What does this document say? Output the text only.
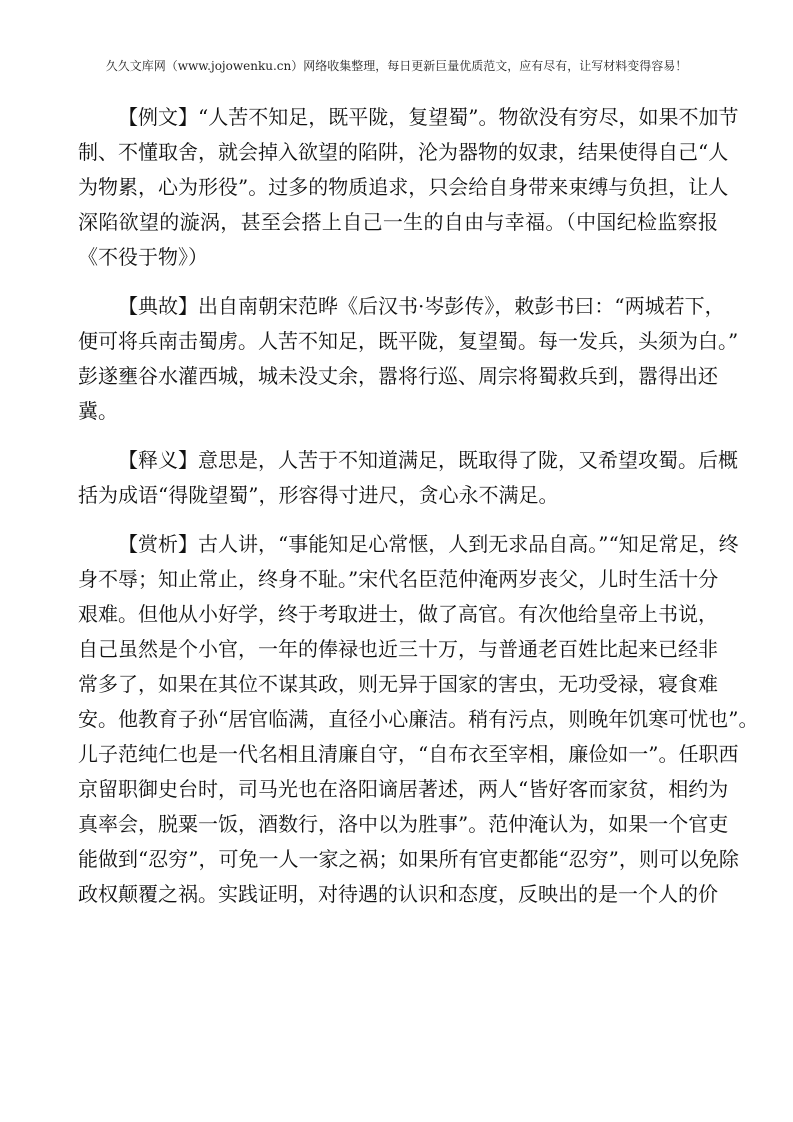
久久文库网（www.jojowenku.cn）网络收集整理，每日更新巨量优质范文，应有尽有，让写材料变得容易！

【例文】“人苦不知足，既平陇，复望蜀”。物欲没有穷尽，如果不加节
制、不懂取舍，就会掉入欲望的陷阱，沦为器物的奴隶，结果使得自己“人
为物累，心为形役”。过多的物质追求，只会给自身带来束缚与负担，让人
深陷欲望的漩涡，甚至会搭上自己一生的自由与幸福。（中国纪检监察报
《不役于物》）

【典故】出自南朝宋范晔《后汉书·岑彭传》，敕彭书曰：“两城若下，
便可将兵南击蜀虏。人苦不知足，既平陇，复望蜀。每一发兵，头须为白。”
彭遂壅谷水灌西城，城未没丈余，嚣将行巡、周宗将蜀救兵到，嚣得出还
冀。

【释义】意思是，人苦于不知道满足，既取得了陇，又希望攻蜀。后概
括为成语“得陇望蜀”，形容得寸进尺，贪心永不满足。

【赏析】古人讲，“事能知足心常惬，人到无求品自高。”“知足常足，终
身不辱；知止常止，终身不耻。”宋代名臣范仲淹两岁丧父，儿时生活十分
艰难。但他从小好学，终于考取进士，做了高官。有次他给皇帝上书说，
自己虽然是个小官，一年的俸禄也近三十万，与普通老百姓比起来已经非
常多了，如果在其位不谋其政，则无异于国家的害虫，无功受禄，寝食难
安。他教育子孙“居官临满，直径小心廉洁。稍有污点，则晚年饥寒可忧也”。
儿子范纯仁也是一代名相且清廉自守，“自布衣至宰相，廉俭如一”。任职西
京留职御史台时，司马光也在洛阳谪居著述，两人“皆好客而家贫，相约为
真率会，脱粟一饭，酒数行，洛中以为胜事”。范仲淹认为，如果一个官吏
能做到“忍穷”，可免一人一家之祸；如果所有官吏都能“忍穷”，则可以免除
政权颠覆之祸。实践证明，对待遇的认识和态度，反映出的是一个人的价
